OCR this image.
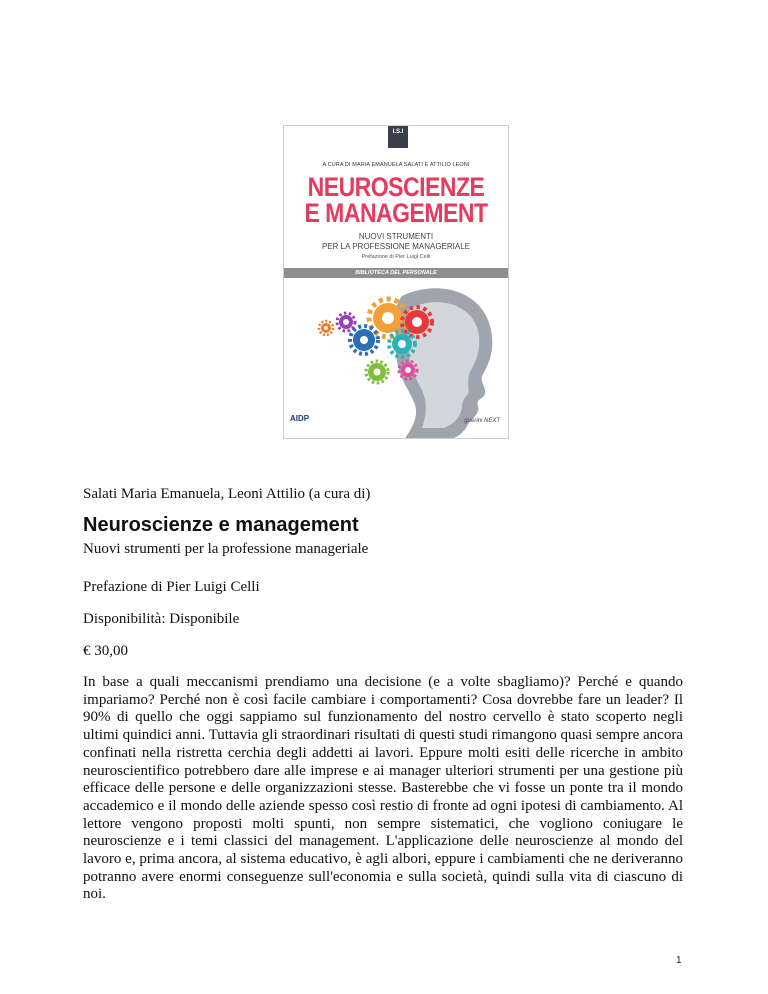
I.S.I
A CURA DI MARIA EMANUELA SALATI E ATTILIO LEONI
NEUROSCIENZE
E MANAGEMENT
NUOVI STRUMENTI
PER LA PROFESSIONE MANAGERIALE
Prefazione di Pier Luigi Celli
BIBLIOTECA DEL PERSONALE
AIDP	guerini NEXT
Salati Maria Emanuela, Leoni Attilio (a cura di)
Neuroscienze e management
Nuovi strumenti per la professione manageriale
Prefazione di Pier Luigi Celli
Disponibilità: Disponibile
€ 30,00

In base a quali meccanismi prendiamo una decisione (e a volte sbagliamo)? Perché e quando impariamo? Perché non è così facile cambiare i comportamenti? Cosa dovrebbe fare un leader? Il 90% di quello che oggi sappiamo sul funzionamento del nostro cervello è stato scoperto negli ultimi quindici anni. Tuttavia gli straordinari risultati di questi studi rimangono quasi sempre ancora confinati nella ristretta cerchia degli addetti ai lavori. Eppure molti esiti delle ricerche in ambito neuroscientifico potrebbero dare alle imprese e ai manager ulteriori strumenti per una gestione più efficace delle persone e delle organizzazioni stesse. Basterebbe che vi fosse un ponte tra il mondo accademico e il mondo delle aziende spesso così restio di fronte ad ogni ipotesi di cambiamento. Al lettore vengono proposti molti spunti, non sempre sistematici, che vogliono coniugare le neuroscienze e i temi classici del management. L'applicazione delle neuroscienze al mondo del lavoro e, prima ancora, al sistema educativo, è agli albori, eppure i cambiamenti che ne deriveranno potranno avere enormi conseguenze sull'economia e sulla società, quindi sulla vita di ciascuno di noi.

1
